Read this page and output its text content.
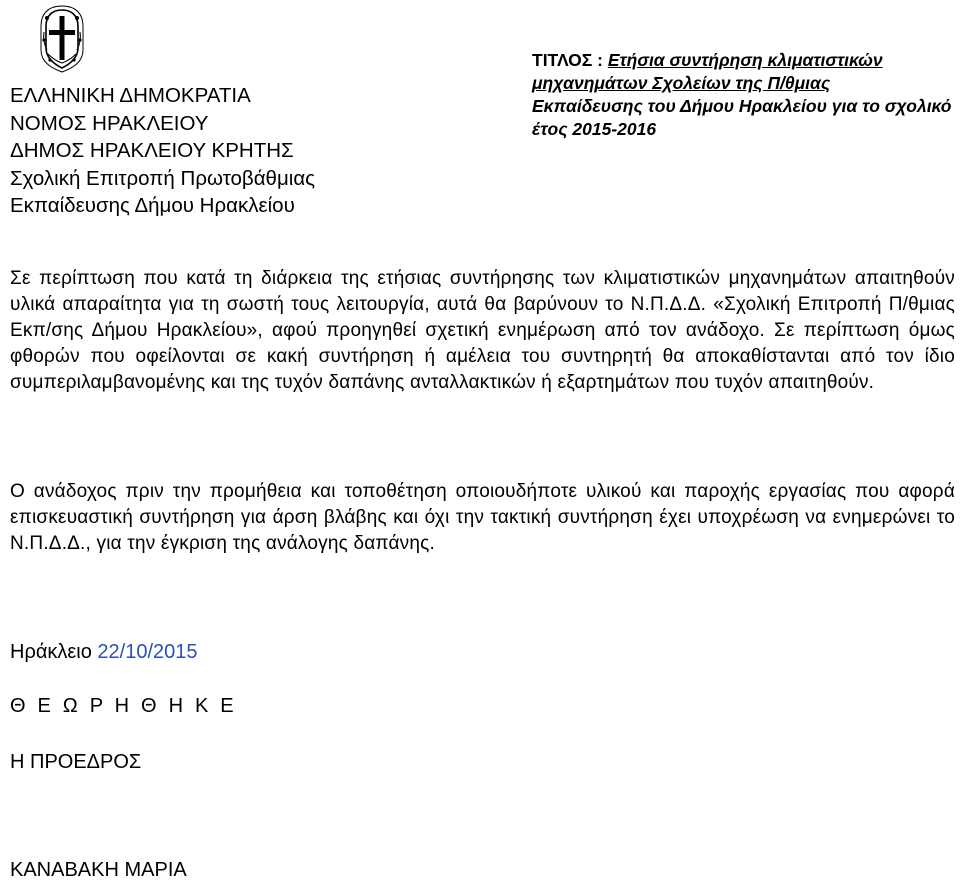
ΕΛΛΗΝΙΚΗ ΔΗΜΟΚΡΑΤΙΑ
ΝΟΜΟΣ ΗΡΑΚΛΕΙΟΥ
ΔΗΜΟΣ ΗΡΑΚΛΕΙΟΥ ΚΡΗΤΗΣ
Σχολική Επιτροπή Πρωτοβάθμιας
Εκπαίδευσης Δήμου Ηρακλείου
ΤΙΤΛΟΣ : Ετήσια συντήρηση κλιματιστικών μηχανημάτων Σχολείων της Π/θμιας
Εκπαίδευσης του Δήμου Ηρακλείου για το σχολικό έτος 2015-2016
Σε περίπτωση που κατά τη διάρκεια της ετήσιας συντήρησης των κλιματιστικών μηχανημάτων απαιτηθούν υλικά απαραίτητα για τη σωστή τους λειτουργία, αυτά θα βαρύνουν το Ν.Π.Δ.Δ. «Σχολική Επιτροπή Π/θμιας Εκπ/σης Δήμου Ηρακλείου», αφού προηγηθεί σχετική ενημέρωση από τον ανάδοχο. Σε περίπτωση όμως φθορών που οφείλονται σε κακή συντήρηση ή αμέλεια του συντηρητή θα αποκαθίστανται από τον ίδιο συμπεριλαμβανομένης και της τυχόν δαπάνης ανταλλακτικών ή εξαρτημάτων που τυχόν απαιτηθούν.
Ο ανάδοχος πριν την προμήθεια και τοποθέτηση οποιουδήποτε υλικού και παροχής εργασίας που αφορά επισκευαστική συντήρηση για άρση βλάβης και όχι την τακτική συντήρηση έχει υποχρέωση να ενημερώνει το Ν.Π.Δ.Δ., για την έγκριση της ανάλογης δαπάνης.
Ηράκλειο 22/10/2015
Θ Ε Ω Ρ Η Θ Η Κ Ε
Η ΠΡΟΕΔΡΟΣ
ΚΑΝΑΒΑΚΗ ΜΑΡΙΑ
